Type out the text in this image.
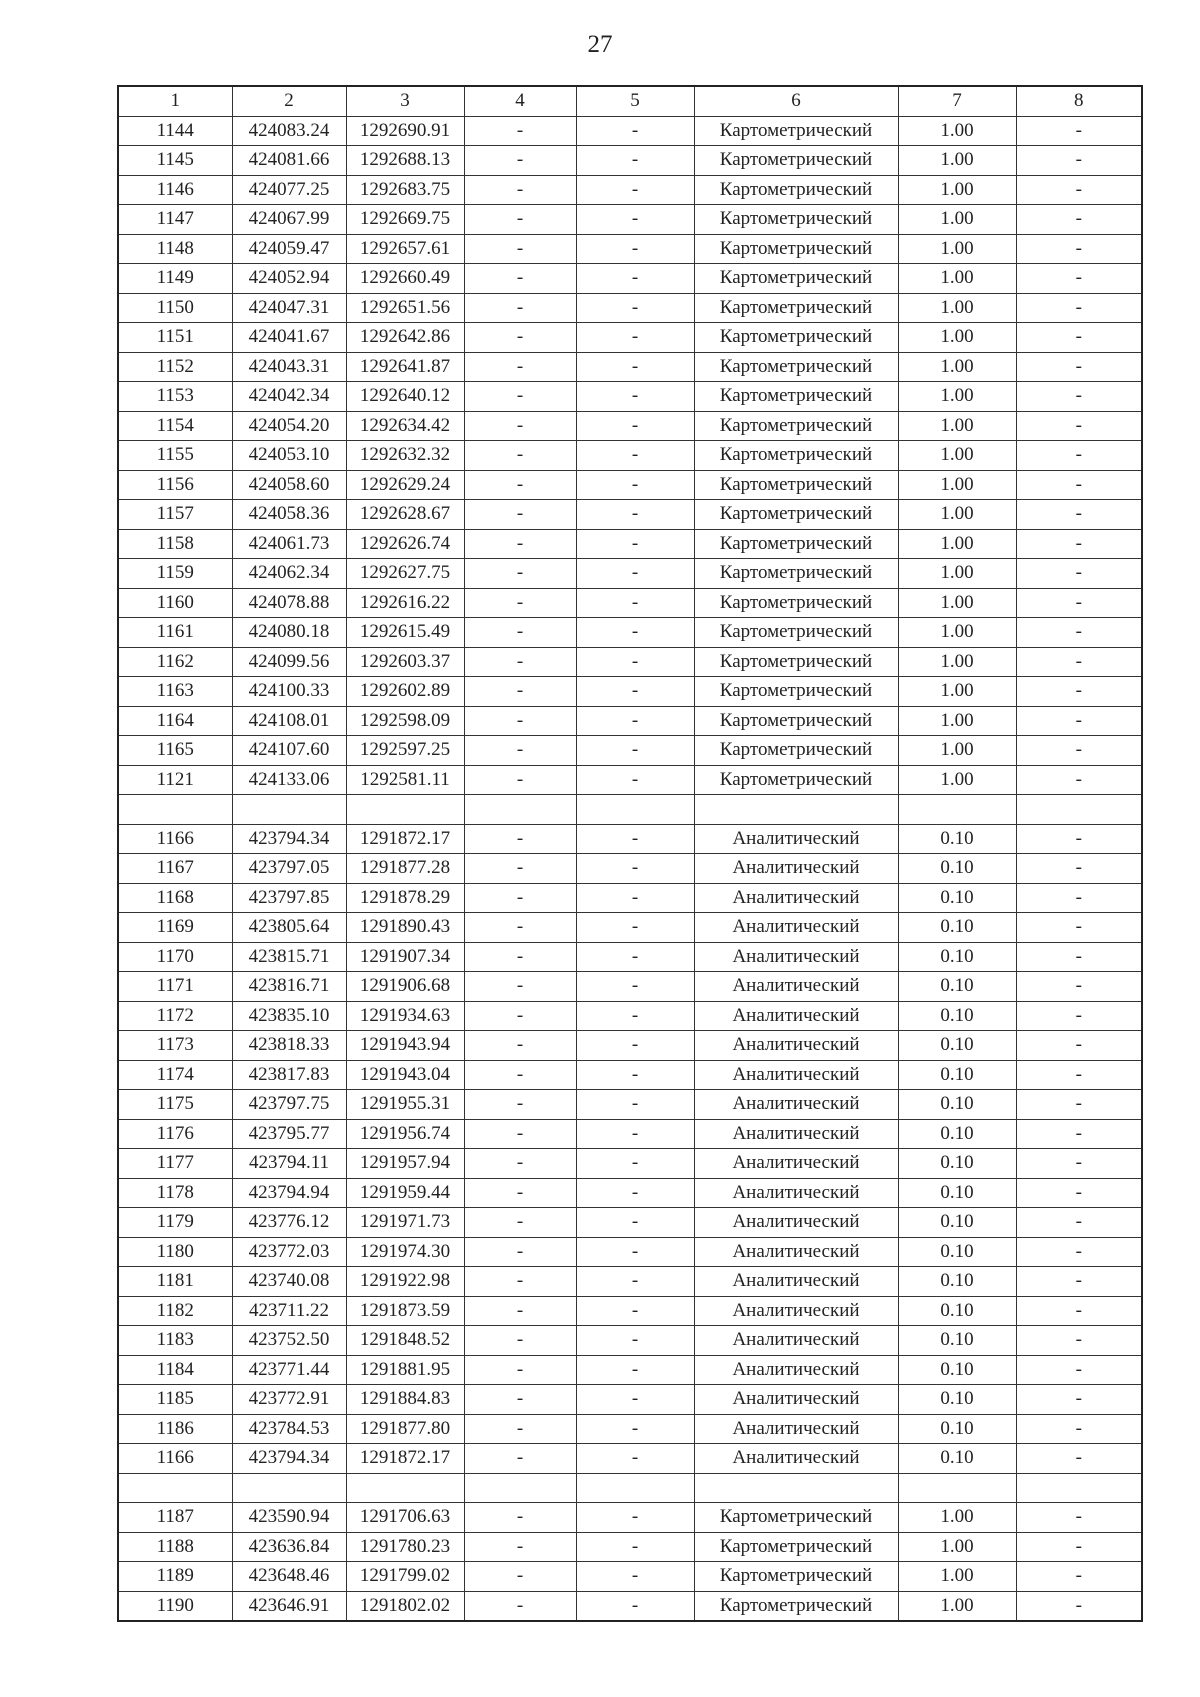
27
1	2	3	4	5	6	7	8
1144	424083.24	1292690.91	-	-	Картометрический	1.00	-
1145	424081.66	1292688.13	-	-	Картометрический	1.00	-
1146	424077.25	1292683.75	-	-	Картометрический	1.00	-
1147	424067.99	1292669.75	-	-	Картометрический	1.00	-
1148	424059.47	1292657.61	-	-	Картометрический	1.00	-
1149	424052.94	1292660.49	-	-	Картометрический	1.00	-
1150	424047.31	1292651.56	-	-	Картометрический	1.00	-
1151	424041.67	1292642.86	-	-	Картометрический	1.00	-
1152	424043.31	1292641.87	-	-	Картометрический	1.00	-
1153	424042.34	1292640.12	-	-	Картометрический	1.00	-
1154	424054.20	1292634.42	-	-	Картометрический	1.00	-
1155	424053.10	1292632.32	-	-	Картометрический	1.00	-
1156	424058.60	1292629.24	-	-	Картометрический	1.00	-
1157	424058.36	1292628.67	-	-	Картометрический	1.00	-
1158	424061.73	1292626.74	-	-	Картометрический	1.00	-
1159	424062.34	1292627.75	-	-	Картометрический	1.00	-
1160	424078.88	1292616.22	-	-	Картометрический	1.00	-
1161	424080.18	1292615.49	-	-	Картометрический	1.00	-
1162	424099.56	1292603.37	-	-	Картометрический	1.00	-
1163	424100.33	1292602.89	-	-	Картометрический	1.00	-
1164	424108.01	1292598.09	-	-	Картометрический	1.00	-
1165	424107.60	1292597.25	-	-	Картометрический	1.00	-
1121	424133.06	1292581.11	-	-	Картометрический	1.00	-

1166	423794.34	1291872.17	-	-	Аналитический	0.10	-
1167	423797.05	1291877.28	-	-	Аналитический	0.10	-
1168	423797.85	1291878.29	-	-	Аналитический	0.10	-
1169	423805.64	1291890.43	-	-	Аналитический	0.10	-
1170	423815.71	1291907.34	-	-	Аналитический	0.10	-
1171	423816.71	1291906.68	-	-	Аналитический	0.10	-
1172	423835.10	1291934.63	-	-	Аналитический	0.10	-
1173	423818.33	1291943.94	-	-	Аналитический	0.10	-
1174	423817.83	1291943.04	-	-	Аналитический	0.10	-
1175	423797.75	1291955.31	-	-	Аналитический	0.10	-
1176	423795.77	1291956.74	-	-	Аналитический	0.10	-
1177	423794.11	1291957.94	-	-	Аналитический	0.10	-
1178	423794.94	1291959.44	-	-	Аналитический	0.10	-
1179	423776.12	1291971.73	-	-	Аналитический	0.10	-
1180	423772.03	1291974.30	-	-	Аналитический	0.10	-
1181	423740.08	1291922.98	-	-	Аналитический	0.10	-
1182	423711.22	1291873.59	-	-	Аналитический	0.10	-
1183	423752.50	1291848.52	-	-	Аналитический	0.10	-
1184	423771.44	1291881.95	-	-	Аналитический	0.10	-
1185	423772.91	1291884.83	-	-	Аналитический	0.10	-
1186	423784.53	1291877.80	-	-	Аналитический	0.10	-
1166	423794.34	1291872.17	-	-	Аналитический	0.10	-

1187	423590.94	1291706.63	-	-	Картометрический	1.00	-
1188	423636.84	1291780.23	-	-	Картометрический	1.00	-
1189	423648.46	1291799.02	-	-	Картометрический	1.00	-
1190	423646.91	1291802.02	-	-	Картометрический	1.00	-
